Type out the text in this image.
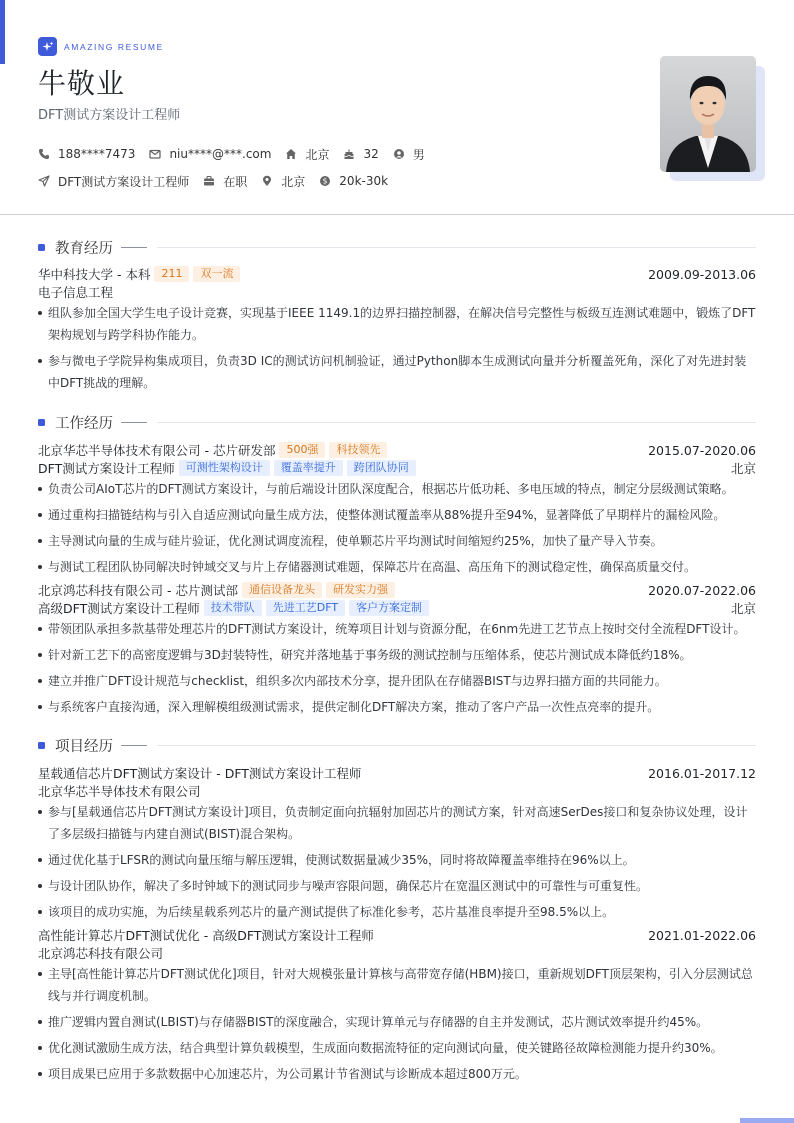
AMAZING RESUME
牛敬业
DFT测试方案设计工程师
188****7473	niu****@***.com	北京	32	男
DFT测试方案设计工程师	在职	北京 $ 20k-30k
教育经历
华中科技大学 - 本科	211	双一流	2009.09-2013.06
电子信息工程
组队参加全国大学生电子设计竞赛，实现基于IEEE 1149.1的边界扫描控制器，在解决信号完整性与板级互连测试难题中，锻炼了DFT架构规划与跨学科协作能力。
参与微电子学院异构集成项目，负责3D IC的测试访问机制验证，通过Python脚本生成测试向量并分析覆盖死角，深化了对先进封装中DFT挑战的理解。
工作经历
北京华芯半导体技术有限公司 - 芯片研发部	500强	科技领先	2015.07-2020.06
DFT测试方案设计工程师	可测性架构设计	覆盖率提升	跨团队协同	北京
负责公司AIoT芯片的DFT测试方案设计，与前后端设计团队深度配合，根据芯片低功耗、多电压域的特点，制定分层级测试策略。
通过重构扫描链结构与引入自适应测试向量生成方法，使整体测试覆盖率从88%提升至94%，显著降低了早期样片的漏检风险。
主导测试向量的生成与硅片验证，优化测试调度流程，使单颗芯片平均测试时间缩短约25%，加快了量产导入节奏。
与测试工程团队协同解决时钟域交叉与片上存储器测试难题，保障芯片在高温、高压角下的测试稳定性，确保高质量交付。
北京鸿芯科技有限公司 - 芯片测试部	通信设备龙头	研发实力强	2020.07-2022.06
高级DFT测试方案设计工程师	技术带队	先进工艺DFT	客户方案定制	北京
带领团队承担多款基带处理芯片的DFT测试方案设计，统筹项目计划与资源分配，在6nm先进工艺节点上按时交付全流程DFT设计。
针对新工艺下的高密度逻辑与3D封装特性，研究并落地基于事务级的测试控制与压缩体系，使芯片测试成本降低约18%。
建立并推广DFT设计规范与checklist，组织多次内部技术分享，提升团队在存储器BIST与边界扫描方面的共同能力。
与系统客户直接沟通，深入理解模组级测试需求，提供定制化DFT解决方案，推动了客户产品一次性点亮率的提升。
项目经历
星载通信芯片DFT测试方案设计 - DFT测试方案设计工程师	2016.01-2017.12
北京华芯半导体技术有限公司
参与[星载通信芯片DFT测试方案设计]项目，负责制定面向抗辐射加固芯片的测试方案，针对高速SerDes接口和复杂协议处理，设计了多层级扫描链与内建自测试(BIST)混合架构。
通过优化基于LFSR的测试向量压缩与解压逻辑，使测试数据量减少35%，同时将故障覆盖率维持在96%以上。
与设计团队协作，解决了多时钟域下的测试同步与噪声容限问题，确保芯片在宽温区测试中的可靠性与可重复性。
该项目的成功实施，为后续星载系列芯片的量产测试提供了标准化参考，芯片基准良率提升至98.5%以上。
高性能计算芯片DFT测试优化 - 高级DFT测试方案设计工程师	2021.01-2022.06
北京鸿芯科技有限公司
主导[高性能计算芯片DFT测试优化]项目，针对大规模张量计算核与高带宽存储(HBM)接口，重新规划DFT顶层架构，引入分层测试总线与并行调度机制。
推广逻辑内置自测试(LBIST)与存储器BIST的深度融合，实现计算单元与存储器的自主并发测试，芯片测试效率提升约45%。
优化测试激励生成方法，结合典型计算负载模型，生成面向数据流特征的定向测试向量，使关键路径故障检测能力提升约30%。
项目成果已应用于多款数据中心加速芯片，为公司累计节省测试与诊断成本超过800万元。
